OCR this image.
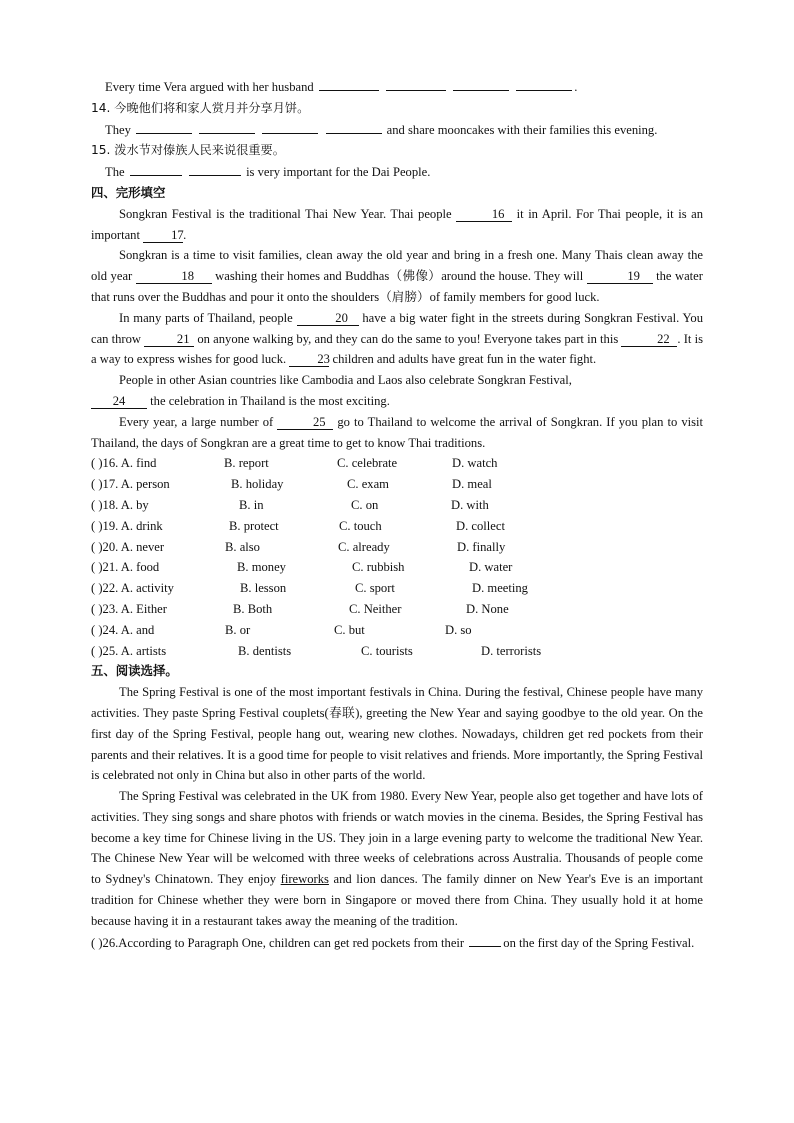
Every time Vera argued with her husband	.
14. 今晚他们将和家人赏月并分享月饼。
They	and share mooncakes with their families this evening.
15. 泼水节对傣族人民来说很重要。
The	is very important for the Dai People.
四、完形填空
Songkran Festival is the traditional Thai New Year. Thai people	16 it in April. For Thai people, it is an important 17.
Songkran is a time to visit families, clean away the old year and bring in a fresh one. Many Thais clean away the old year	18 washing their homes and Buddhas（佛像）around the house. They will	19 the water that runs over the Buddhas and pour it onto the shoulders（肩膀）of family members for good luck.
In many parts of Thailand, people	20 have a big water fight in the streets during Songkran Festival. You can throw	21 on anyone walking by, and they can do the same to you! Everyone takes part in this	22 . It is a way to express wishes for good luck. 23 children and adults have great fun in the water fight.
People in other Asian countries like Cambodia and Laos also celebrate Songkran Festival,
24 the celebration in Thailand is the most exciting.
Every year, a large number of	25 go to Thailand to welcome the arrival of Songkran. If you plan to visit Thailand, the days of Songkran are a great time to get to know Thai traditions.
( )16. A. find	B. report	C. celebrate	D. watch
( )17. A. person	B. holiday	C. exam	D. meal
( )18. A. by	B. in	C. on	D. with
( )19. A. drink	B. protect	C. touch	D. collect
( )20. A. never	B. also	C. already	D. finally
( )21. A. food	B. money	C. rubbish	D. water
( )22. A. activity	B. lesson	C. sport	D. meeting
( )23. A. Either	B. Both	C. Neither	D. None
( )24. A. and	B. or	C. but	D. so
( )25. A. artists	B. dentists	C. tourists	D. terrorists
五、阅读选择。
The Spring Festival is one of the most important festivals in China. During the festival, Chinese people have many activities. They paste Spring Festival couplets(春联), greeting the New Year and saying goodbye to the old year. On the first day of the Spring Festival, people hang out, wearing new clothes. Nowadays, children get red pockets from their parents and their relatives. It is a good time for people to visit relatives and friends. More importantly, the Spring Festival is celebrated not only in China but also in other parts of the world.
The Spring Festival was celebrated in the UK from 1980. Every New Year, people also get together and have lots of activities. They sing songs and share photos with friends or watch movies in the cinema. Besides, the Spring Festival has become a key time for Chinese living in the US. They join in a large evening party to welcome the traditional New Year. The Chinese New Year will be welcomed with three weeks of celebrations across Australia. Thousands of people come to Sydney's Chinatown. They enjoy fireworks and lion dances. The family dinner on New Year's Eve is an important tradition for Chinese whether they were born in Singapore or moved there from China. They usually hold it at home because having it in a restaurant takes away the meaning of the tradition.
( )26.According to Paragraph One, children can get red pockets from their	on the first day of the Spring Festival.
